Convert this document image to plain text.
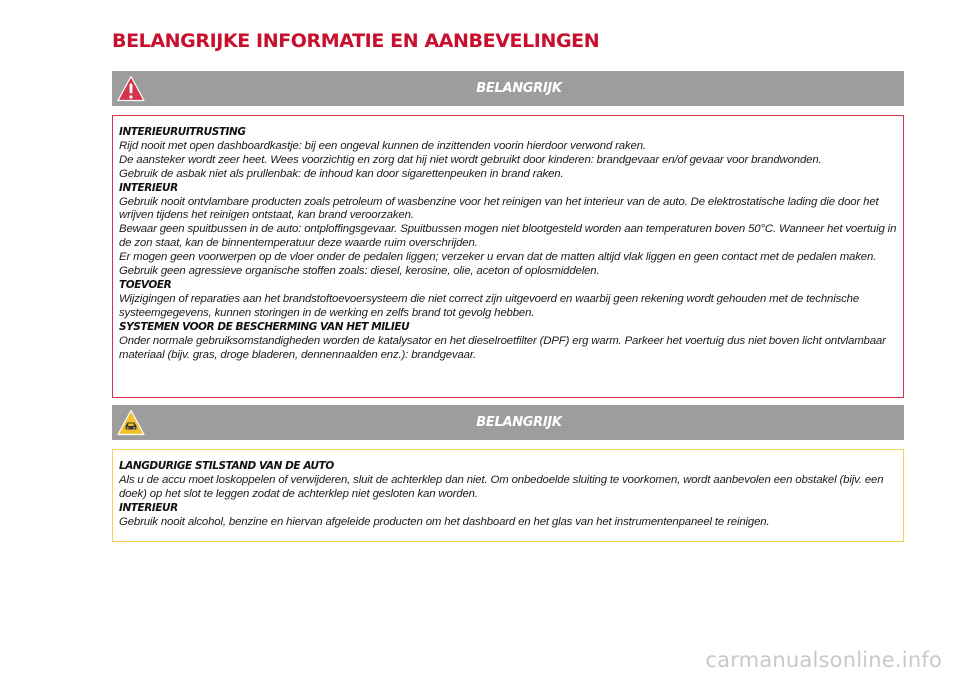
BELANGRIJKE INFORMATIE EN AANBEVELINGEN
BELANGRIJK
INTERIEURUITRUSTING

Rijd nooit met open dashboardkastje: bij een ongeval kunnen de inzittenden voorin hierdoor verwond raken.

De aansteker wordt zeer heet. Wees voorzichtig en zorg dat hij niet wordt gebruikt door kinderen: brandgevaar en/of gevaar voor brandwonden.

Gebruik de asbak niet als prullenbak: de inhoud kan door sigarettenpeuken in brand raken.

INTERIEUR

Gebruik nooit ontvlambare producten zoals petroleum of wasbenzine voor het reinigen van het interieur van de auto. De elektrostatische lading die door het wrijven tijdens het reinigen ontstaat, kan brand veroorzaken.

Bewaar geen spuitbussen in de auto: ontploffingsgevaar. Spuitbussen mogen niet blootgesteld worden aan temperaturen boven 50°C. Wanneer het voertuig in de zon staat, kan de binnentemperatuur deze waarde ruim overschrijden.

Er mogen geen voorwerpen op de vloer onder de pedalen liggen; verzeker u ervan dat de matten altijd vlak liggen en geen contact met de pedalen maken.

Gebruik geen agressieve organische stoffen zoals: diesel, kerosine, olie, aceton of oplosmiddelen.

TOEVOER

Wijzigingen of reparaties aan het brandstoftoevoersysteem die niet correct zijn uitgevoerd en waarbij geen rekening wordt gehouden met de technische systeemgegevens, kunnen storingen in de werking en zelfs brand tot gevolg hebben.

SYSTEMEN VOOR DE BESCHERMING VAN HET MILIEU

Onder normale gebruiksomstandigheden worden de katalysator en het dieselroetfilter (DPF) erg warm. Parkeer het voertuig dus niet boven licht ontvlambaar materiaal (bijv. gras, droge bladeren, dennennaalden enz.): brandgevaar.

BELANGRIJK
LANGDURIGE STILSTAND VAN DE AUTO

Als u de accu moet loskoppelen of verwijderen, sluit de achterklep dan niet. Om onbedoelde sluiting te voorkomen, wordt aanbevolen een obstakel (bijv. een doek) op het slot te leggen zodat de achterklep niet gesloten kan worden.

INTERIEUR

Gebruik nooit alcohol, benzine en hiervan afgeleide producten om het dashboard en het glas van het instrumentenpaneel te reinigen.

carmanualsonline.info
